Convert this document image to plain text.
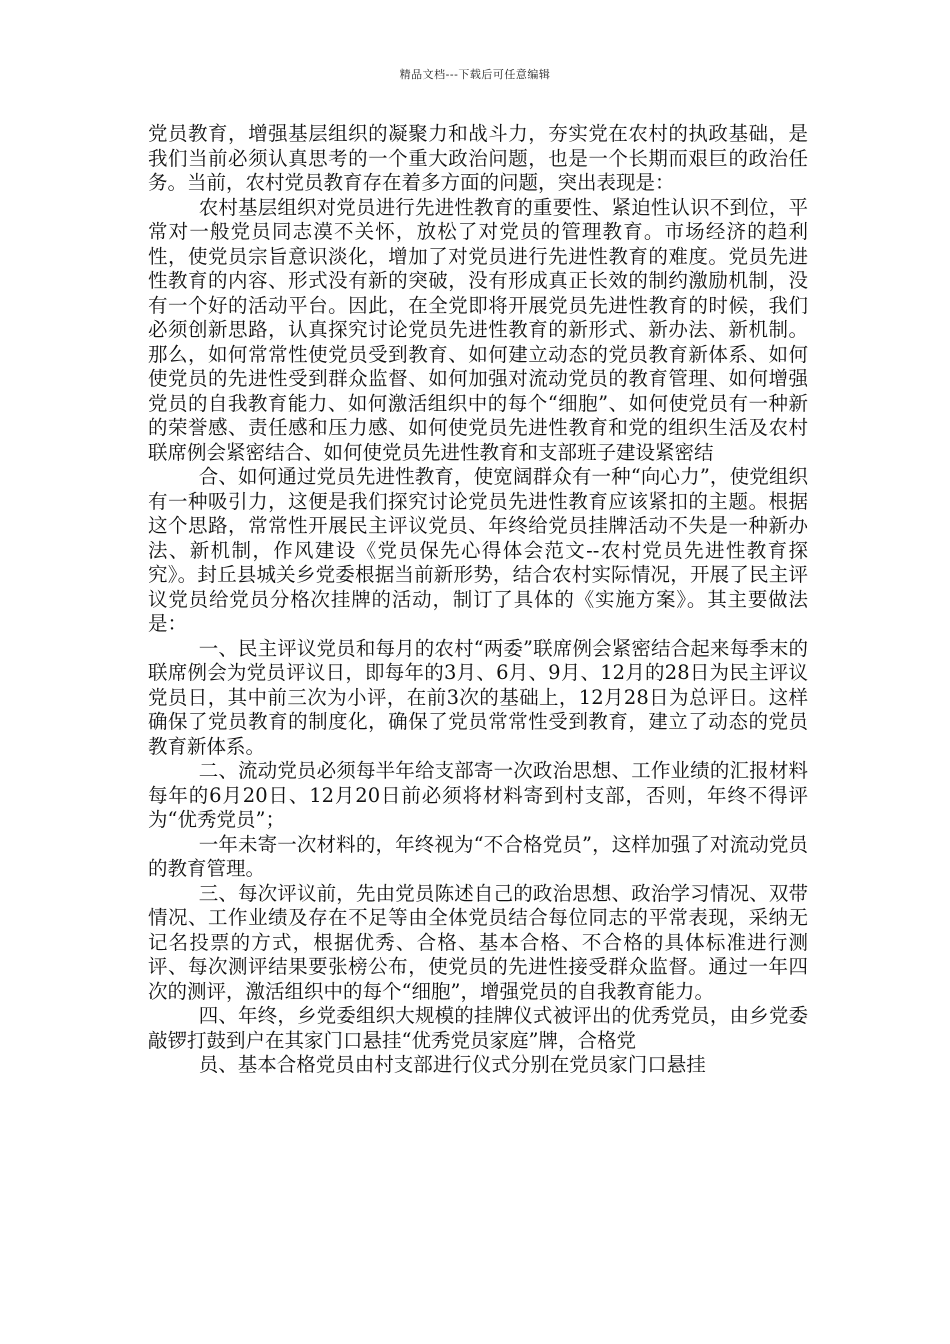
精品文档---下载后可任意编辑

党员教育，增强基层组织的凝聚力和战斗力，夯实党在农村的执政基础，是我们当前必须认真思考的一个重大政治问题，也是一个长期而艰巨的政治任务。当前，农村党员教育存在着多方面的问题，突出表现是：

农村基层组织对党员进行先进性教育的重要性、紧迫性认识不到位，平常对一般党员同志漠不关怀，放松了对党员的管理教育。市场经济的趋利性，使党员宗旨意识淡化，增加了对党员进行先进性教育的难度。党员先进性教育的内容、形式没有新的突破，没有形成真正长效的制约激励机制，没有一个好的活动平台。因此，在全党即将开展党员先进性教育的时候，我们必须创新思路，认真探究讨论党员先进性教育的新形式、新办法、新机制。那么，如何常常性使党员受到教育、如何建立动态的党员教育新体系、如何使党员的先进性受到群众监督、如何加强对流动党员的教育管理、如何增强党员的自我教育能力、如何激活组织中的每个“细胞”、如何使党员有一种新的荣誉感、责任感和压力感、如何使党员先进性教育和党的组织生活及农村联席例会紧密结合、如何使党员先进性教育和支部班子建设紧密结

合、如何通过党员先进性教育，使宽阔群众有一种“向心力”，使党组织有一种吸引力，这便是我们探究讨论党员先进性教育应该紧扣的主题。根据这个思路，常常性开展民主评议党员、年终给党员挂牌活动不失是一种新办法、新机制，作风建设《党员保先心得体会范文--农村党员先进性教育探究》。封丘县城关乡党委根据当前新形势，结合农村实际情况，开展了民主评议党员给党员分格次挂牌的活动，制订了具体的《实施方案》。其主要做法是：

一、民主评议党员和每月的农村“两委”联席例会紧密结合起来每季末的联席例会为党员评议日，即每年的3月、6月、9月、12月的28日为民主评议党员日，其中前三次为小评，在前3次的基础上，12月28日为总评日。这样确保了党员教育的制度化，确保了党员常常性受到教育，建立了动态的党员教育新体系。

二、流动党员必须每半年给支部寄一次政治思想、工作业绩的汇报材料每年的6月20日、12月20日前必须将材料寄到村支部，否则，年终不得评为“优秀党员”；

一年未寄一次材料的，年终视为“不合格党员”，这样加强了对流动党员的教育管理。

三、每次评议前，先由党员陈述自己的政治思想、政治学习情况、双带情况、工作业绩及存在不足等由全体党员结合每位同志的平常表现，采纳无记名投票的方式，根据优秀、合格、基本合格、不合格的具体标准进行测评、每次测评结果要张榜公布，使党员的先进性接受群众监督。通过一年四次的测评，激活组织中的每个“细胞”，增强党员的自我教育能力。

四、年终，乡党委组织大规模的挂牌仪式被评出的优秀党员，由乡党委敲锣打鼓到户在其家门口悬挂“优秀党员家庭”牌，合格党

员、基本合格党员由村支部进行仪式分别在党员家门口悬挂
